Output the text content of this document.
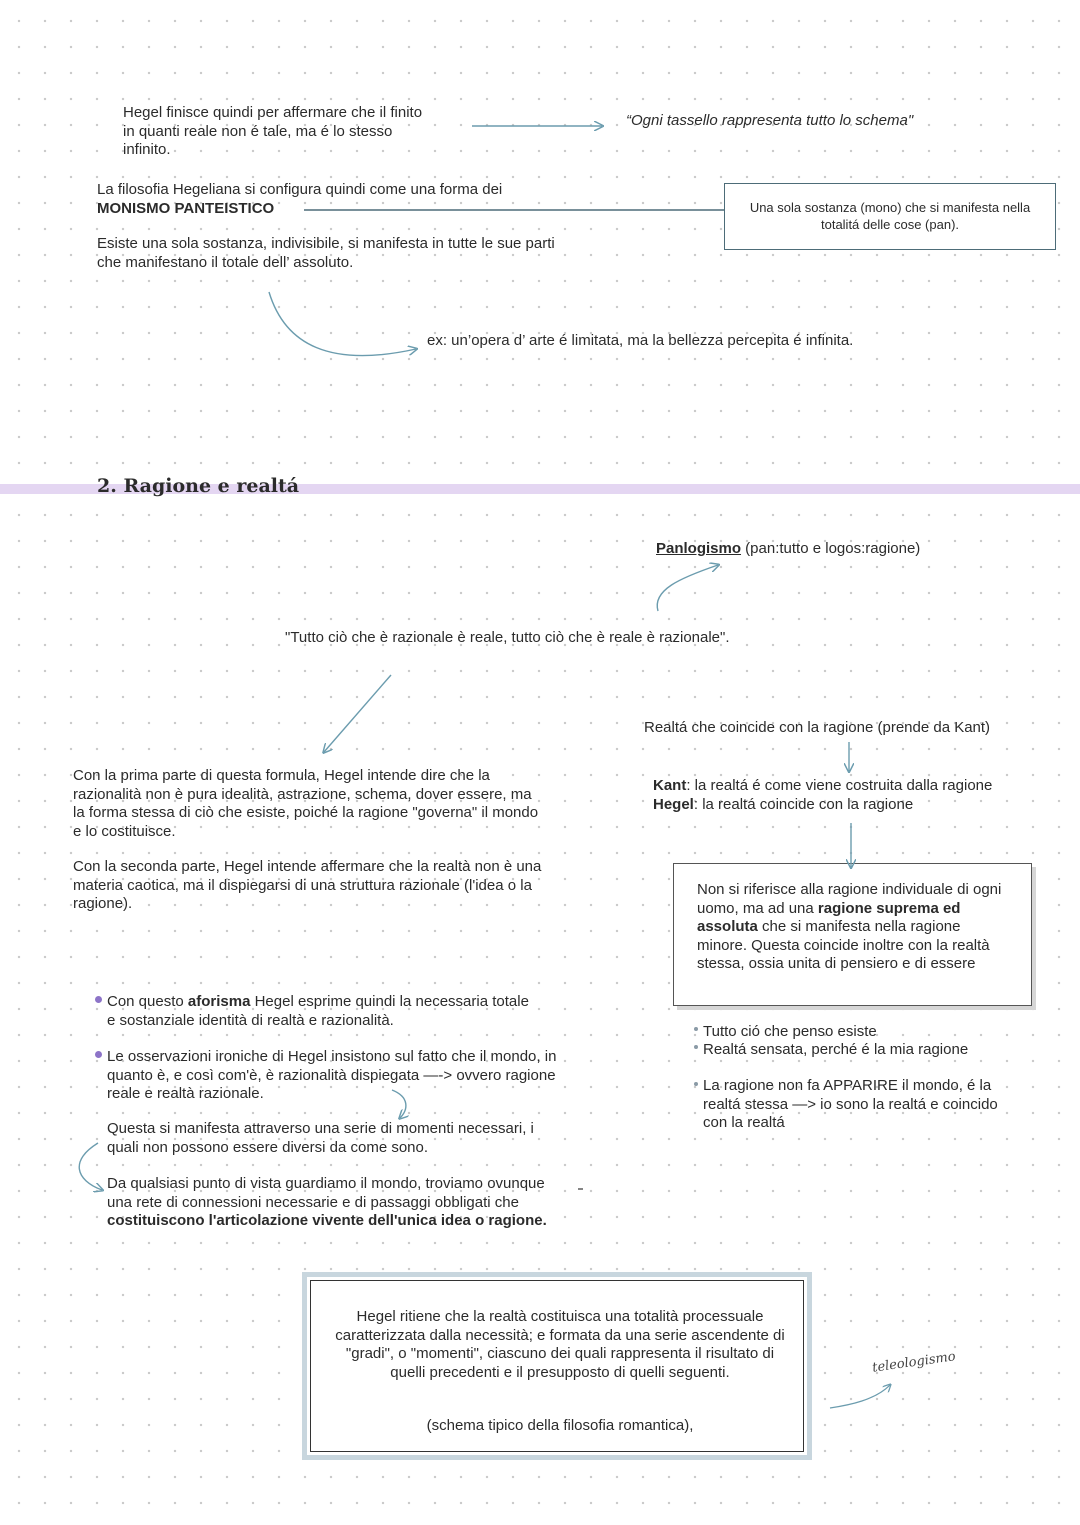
Hegel finisce quindi per affermare che il finito in quanti reale non é tale, ma é lo stesso infinito.

“Ogni tassello rappresenta tutto lo schema"

La filosofia Hegeliana si configura quindi come una forma dei
MONISMO PANTEISTICO	Una sola sostanza (mono) che si manifesta nella totalitá delle cose (pan).

Esiste una sola sostanza, indivisibile, si manifesta in tutte le sue parti che manifestano il totale dell’ assoluto.

ex: un’opera d’ arte é limitata, ma la bellezza percepita é infinita.

2. Ragione e realtá

Panlogismo (pan:tutto e logos:ragione)

"Tutto ciò che è razionale è reale, tutto ciò che è reale è razionale".

Realtá che coincide con la ragione (prende da Kant)

Kant: la realtá é come viene costruita dalla ragione
Hegel: la realtá coincide con la ragione

Con la prima parte di questa formula, Hegel intende dire che la razionalità non è pura idealità, astrazione, schema, dover essere, ma la forma stessa di ciò che esiste, poiché la ragione "governa" il mondo e lo costituisce.

Con la seconda parte, Hegel intende affermare che la realtà non è una materia caotica, ma il dispiegarsi di una struttura razionale (l'idea o la ragione).

Non si riferisce alla ragione individuale di ogni uomo, ma ad una ragione suprema ed assoluta che si manifesta nella ragione minore. Questa coincide inoltre con la realtà stessa, ossia unita di pensiero e di essere

Con questo aforisma Hegel esprime quindi la necessaria totale e sostanziale identità di realtà e razionalità.

Le osservazioni ironiche di Hegel insistono sul fatto che il mondo, in quanto è, e così com'è, è razionalità dispiegata —-> ovvero ragione reale e realtà razionale.

Questa si manifesta attraverso una serie di momenti necessari, i quali non possono essere diversi da come sono.

Da qualsiasi punto di vista guardiamo il mondo, troviamo ovunque una rete di connessioni necessarie e di passaggi obbligati che costituiscono l'articolazione vivente dell'unica idea o ragione.

Tutto ció che penso esiste

Realtá sensata, perché é la mia ragione

La ragione non fa APPARIRE il mondo, é la realtá stessa —> io sono la realtá e coincido con la realtá

Hegel ritiene che la realtà costituisca una totalità processuale caratterizzata dalla necessità; e formata da una serie ascendente di "gradi", o "momenti", ciascuno dei quali rappresenta il risultato di quelli precedenti e il presupposto di quelli seguenti.

(schema tipico della filosofia romantica),

teleologismo
